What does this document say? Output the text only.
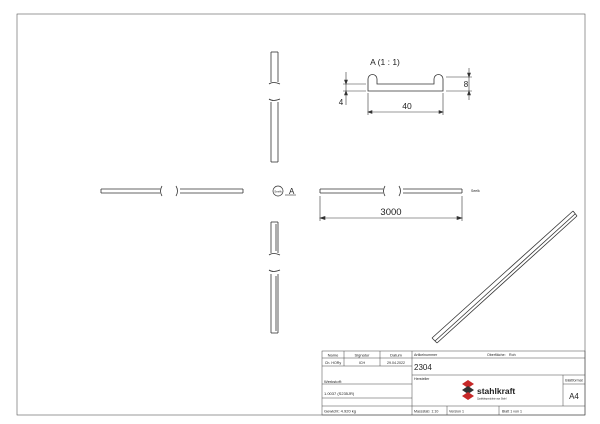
Seelk A	Seelk
3000
A (1 : 1)
8
4	40
Name	Signatur	Datum
Ch. HORy	ICH	29.04.2022
Artikelnummer	Oberfläche: Roh
2304
Hersteller
Werkstoff:
1.0037 (S235JR)
Gewicht: 4.920 kg	Massstab: 1:10	Version 1	Blatt 1 von 1
Blattformat
A4
stahlkraft
Qualitätsprodukte aus Stahl
